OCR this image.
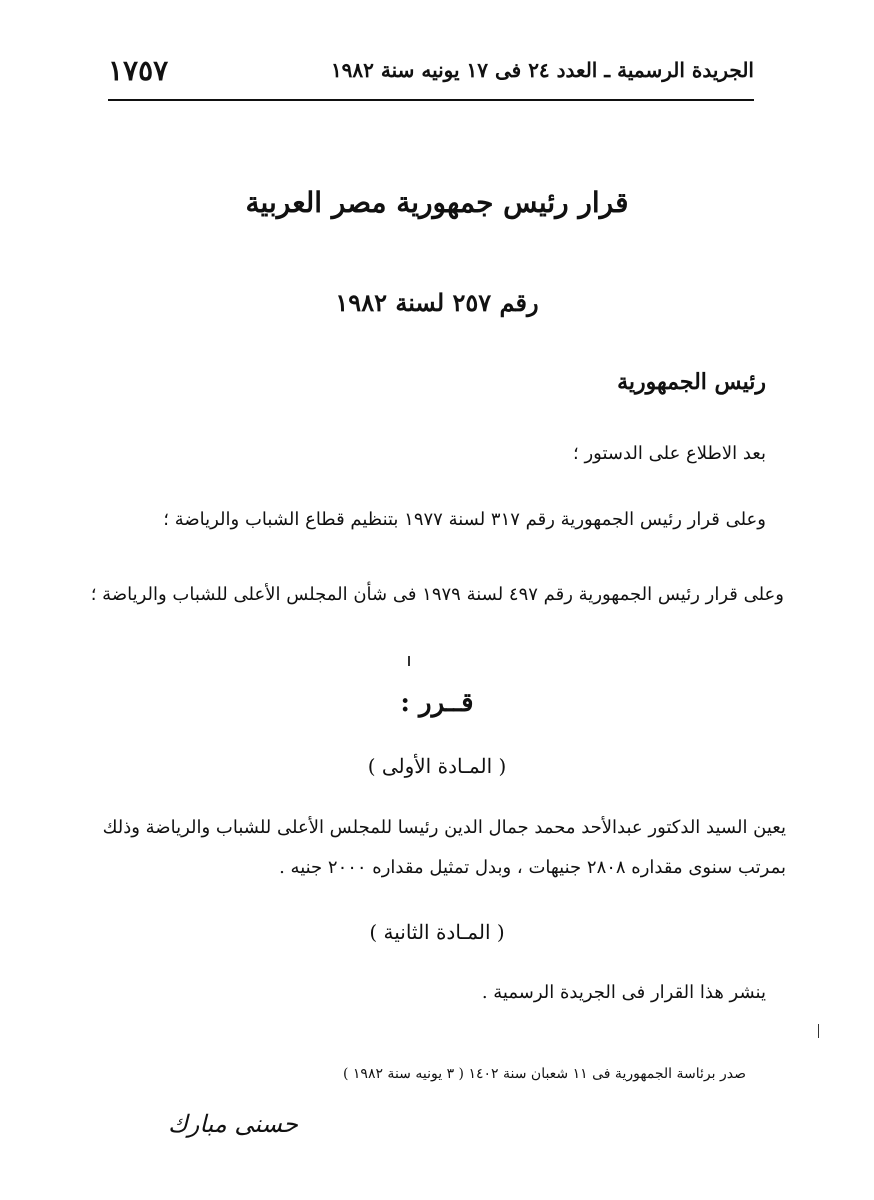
١٧٥٧	الجريدة الرسمية ـ العدد ٢٤ فى ١٧ يونيه سنة ١٩٨٢
قرار رئيس جمهورية مصر العربية
رقم ٢٥٧ لسنة ١٩٨٢
رئيس الجمهورية
بعد الاطلاع على الدستور ؛
وعلى قرار رئيس الجمهورية رقم ٣١٧ لسنة ١٩٧٧ بتنظيم قطاع الشباب والرياضة ؛
وعلى قرار رئيس الجمهورية رقم ٤٩٧ لسنة ١٩٧٩ فى شأن المجلس الأعلى للشباب والرياضة ؛
قــرر :
( المـادة الأولى )
يعين السيد الدكتور عبدالأحد محمد جمال الدين رئيسا للمجلس الأعلى للشباب والرياضة وذلك بمرتب سنوى مقداره ٢٨٠٨ جنيهات ، وبدل تمثيل مقداره ٢٠٠٠ جنيه .
( المـادة الثانية )
ينشر هذا القرار فى الجريدة الرسمية .
صدر برئاسة الجمهورية فى ١١ شعبان سنة ١٤٠٢ ( ٣ يونيه سنة ١٩٨٢ )
حسنى مبارك
